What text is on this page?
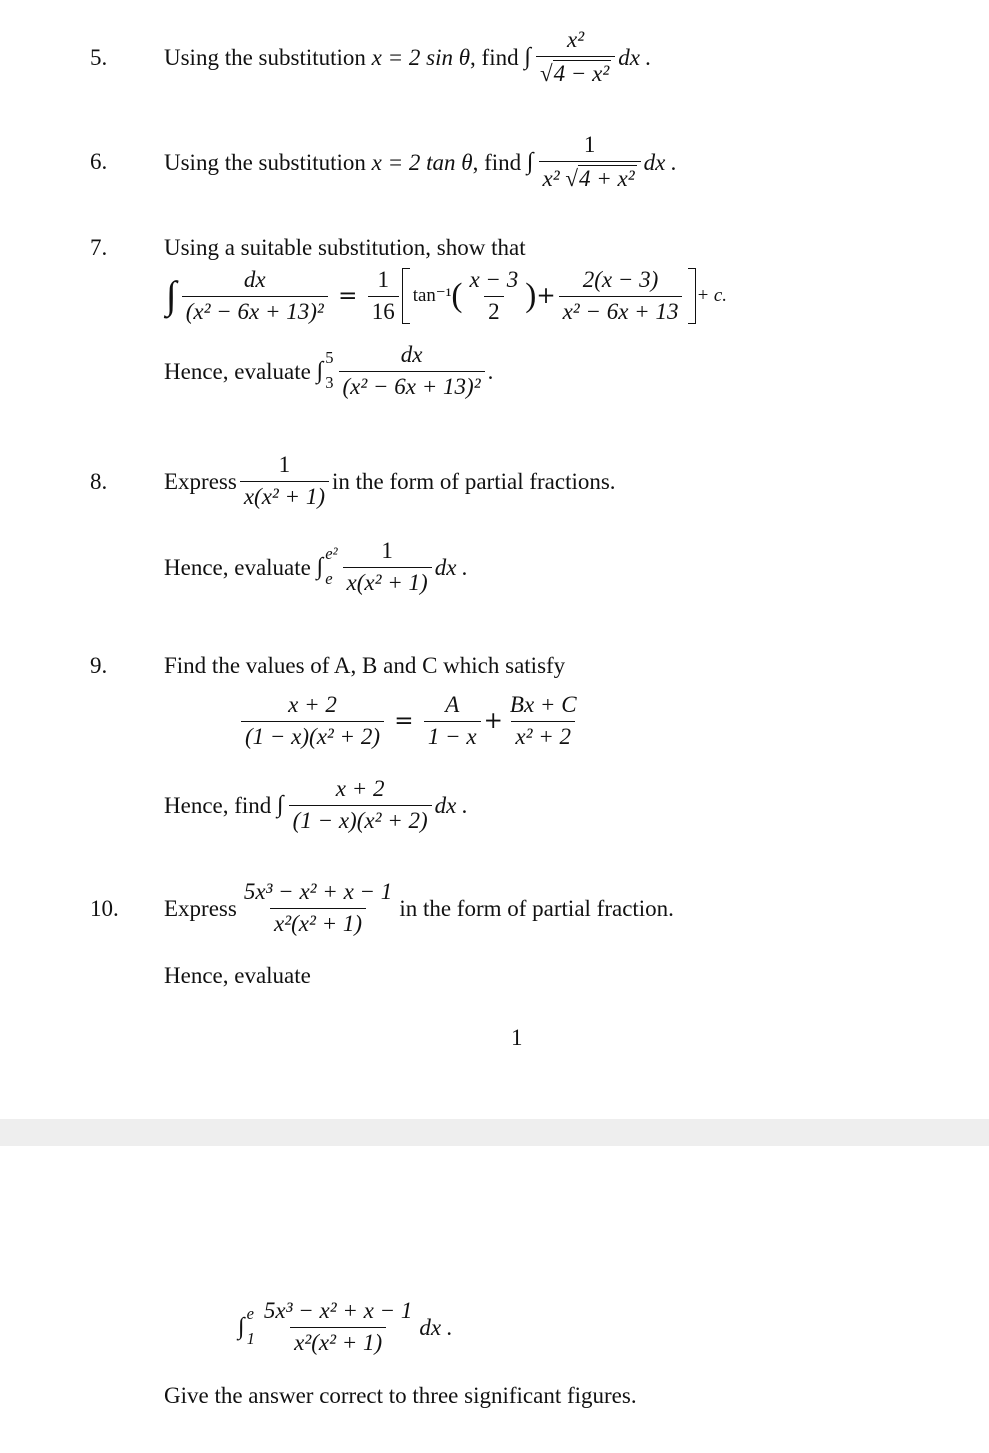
5. Using the substitution
x = 2 sin θ , find
∫ $\frac{\text{x²}}{\text{√4 − x²}}$ dx .
6. Using the substitution
x = 2 tan θ , find
∫ $\frac{1}{\text{x² √4 + x²}}$ dx .
7. Using a suitable substitution, show that
∫ $\frac{dx}{\text{(x² − 6x + 13)²}} = \frac{1}{16} \tan^{-1}$ ( $\frac{x - 3}{2}$ ) + $\frac{2(x - 3)}{\text{x² − 6x + 13}} + c$.
Hence, evaluate
∫ 5
$3 \frac{dx}{\text{(x² − 6x + 13)²}}$ .
8. Express $\frac{1}{\text{x(x² + 1)}}$ in the form of partial fractions.
Hence, evaluate
∫ e²
e $\frac{1}{\text{x(x² + 1)}}$ dx .
9. Find the values of A, B and C which satisfy
$\frac{x + 2}{\text{(1 − x)(x² + 2)}} = \frac{A}{1 - x} + \frac{Bx + C}{\text{x² + 2}}$
Hence, find
∫ $\frac{x + 2}{\text{(1 − x)(x² + 2)}}$ dx .
10. Express $\frac{\text{5x³ − x² + x − 1}}{\text{x²(x² + 1)}}$ in the form of partial fraction.
Hence, evaluate
1
∫ e
$1 \frac{\text{5x³ − x² + x − 1}}{\text{x²(x² + 1)}}$ dx .
Give the answer correct to three significant figures.
